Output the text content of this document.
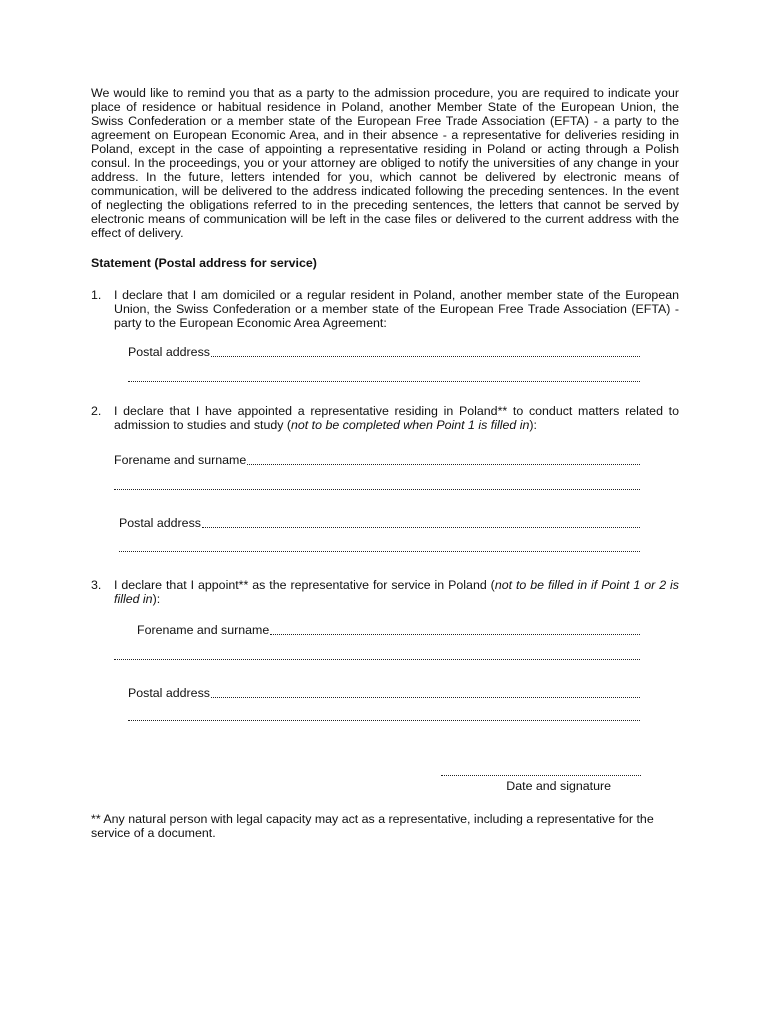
We would like to remind you that as a party to the admission procedure, you are required to indicate your place of residence or habitual residence in Poland, another Member State of the European Union, the Swiss Confederation or a member state of the European Free Trade Association (EFTA) - a party to the agreement on European Economic Area, and in their absence - a representative for deliveries residing in Poland, except in the case of appointing a representative residing in Poland or acting through a Polish consul. In the proceedings, you or your attorney are obliged to notify the universities of any change in your address. In the future, letters intended for you, which cannot be delivered by electronic means of communication, will be delivered to the address indicated following the preceding sentences. In the event of neglecting the obligations referred to in the preceding sentences, the letters that cannot be served by electronic means of communication will be left in the case files or delivered to the current address with the effect of delivery.

Statement (Postal address for service)

1. I declare that I am domiciled or a regular resident in Poland, another member state of the European Union, the Swiss Confederation or a member state of the European Free Trade Association (EFTA) - party to the European Economic Area Agreement:
Postal address
2. I declare that I have appointed a representative residing in Poland** to conduct matters related to admission to studies and study (not to be completed when Point 1 is filled in):
Forename and surname
Postal address
3. I declare that I appoint** as the representative for service in Poland (not to be filled in if Point 1 or 2 is filled in):
Forename and surname
Postal address
Date and signature

** Any natural person with legal capacity may act as a representative, including a representative for the service of a document.
